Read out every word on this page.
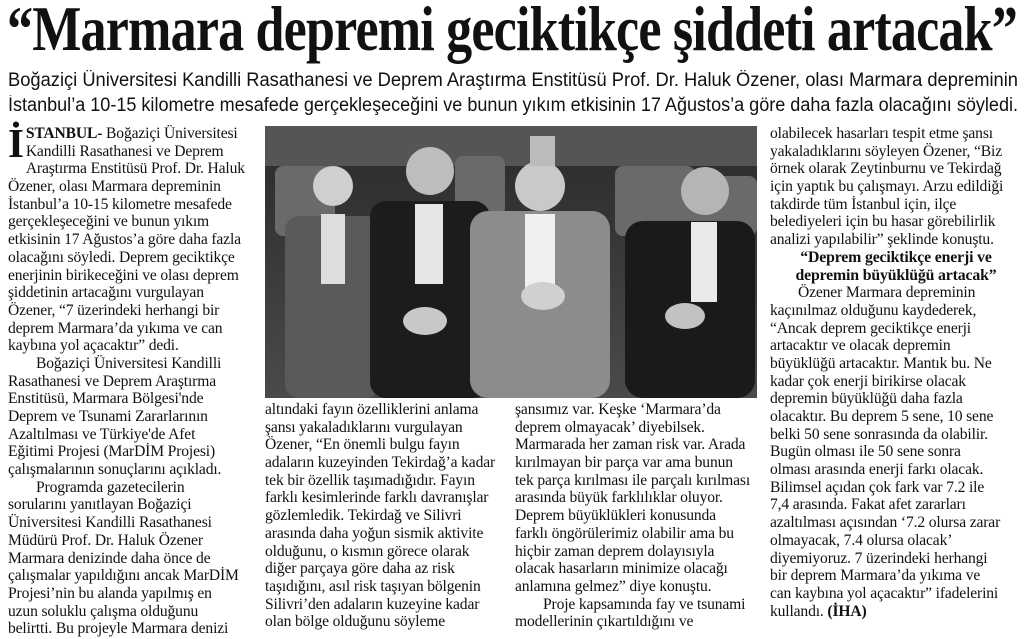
“Marmara depremi geciktikçe şiddeti artacak”
Boğaziçi Üniversitesi Kandilli Rasathanesi ve Deprem Araştırma Enstitüsü Prof. Dr. Haluk Özener, olası Marmara depreminin
İstanbul’a 10-15 kilometre mesafede gerçekleşeceğini ve bunun yıkım etkisinin 17 Ağustos’a göre daha fazla olacağını söyledi.
İSTANBUL- Boğaziçi Üniversitesi
Kandilli Rasathanesi ve Deprem
Araştırma Enstitüsü Prof. Dr. Haluk
Özener, olası Marmara depreminin
İstanbul’a 10-15 kilometre mesafede
gerçekleşeceğini ve bunun yıkım
etkisinin 17 Ağustos’a göre daha fazla
olacağını söyledi. Deprem geciktikçe
enerjinin birikeceğini ve olası deprem
şiddetinin artacağını vurgulayan
Özener, “7 üzerindeki herhangi bir
deprem Marmara’da yıkıma ve can
kaybına yol açacaktır” dedi.
Boğaziçi Üniversitesi Kandilli
Rasathanesi ve Deprem Araştırma
Enstitüsü, Marmara Bölgesi'nde
Deprem ve Tsunami Zararlarının
Azaltılması ve Türkiye'de Afet
Eğitimi Projesi (MarDİM Projesi)
çalışmalarının sonuçlarını açıkladı.
Programda gazetecilerin
sorularını yanıtlayan Boğaziçi
Üniversitesi Kandilli Rasathanesi
Müdürü Prof. Dr. Haluk Özener
Marmara denizinde daha önce de
çalışmalar yapıldığını ancak MarDİM
Projesi’nin bu alanda yapılmış en
uzun soluklu çalışma olduğunu
belirtti. Bu projeyle Marmara denizi
altındaki fayın özelliklerini anlama
şansı yakaladıklarını vurgulayan
Özener, “En önemli bulgu fayın
adaların kuzeyinden Tekirdağ’a kadar
tek bir özellik taşımadığıdır. Fayın
farklı kesimlerinde farklı davranışlar
gözlemledik. Tekirdağ ve Silivri
arasında daha yoğun sismik aktivite
olduğunu, o kısmın görece olarak
diğer parçaya göre daha az risk
taşıdığını, asıl risk taşıyan bölgenin
Silivri’den adaların kuzeyine kadar
olan bölge olduğunu söyleme
şansımız var. Keşke ‘Marmara’da
deprem olmayacak’ diyebilsek.
Marmarada her zaman risk var. Arada
kırılmayan bir parça var ama bunun
tek parça kırılması ile parçalı kırılması
arasında büyük farklılıklar oluyor.
Deprem büyüklükleri konusunda
farklı öngörülerimiz olabilir ama bu
hiçbir zaman deprem dolayısıyla
olacak hasarların minimize olacağı
anlamına gelmez” diye konuştu.
Proje kapsamında fay ve tsunami
modellerinin çıkartıldığını ve
olabilecek hasarları tespit etme şansı
yakaladıklarını söyleyen Özener, “Biz
örnek olarak Zeytinburnu ve Tekirdağ
için yaptık bu çalışmayı. Arzu edildiği
takdirde tüm İstanbul için, ilçe
belediyeleri için bu hasar görebilirlik
analizi yapılabilir” şeklinde konuştu.
“Deprem geciktikçe enerji ve
depremin büyüklüğü artacak”
Özener Marmara depreminin
kaçınılmaz olduğunu kaydederek,
“Ancak deprem geciktikçe enerji
artacaktır ve olacak depremin
büyüklüğü artacaktır. Mantık bu. Ne
kadar çok enerji birikirse olacak
depremin büyüklüğü daha fazla
olacaktır. Bu deprem 5 sene, 10 sene
belki 50 sene sonrasında da olabilir.
Bugün olması ile 50 sene sonra
olması arasında enerji farkı olacak.
Bilimsel açıdan çok fark var 7.2 ile
7,4 arasında. Fakat afet zararları
azaltılması açısından ‘7.2 olursa zarar
olmayacak, 7.4 olursa olacak’
diyemiyoruz. 7 üzerindeki herhangi
bir deprem Marmara’da yıkıma ve
can kaybına yol açacaktır” ifadelerini
kullandı. (İHA)
